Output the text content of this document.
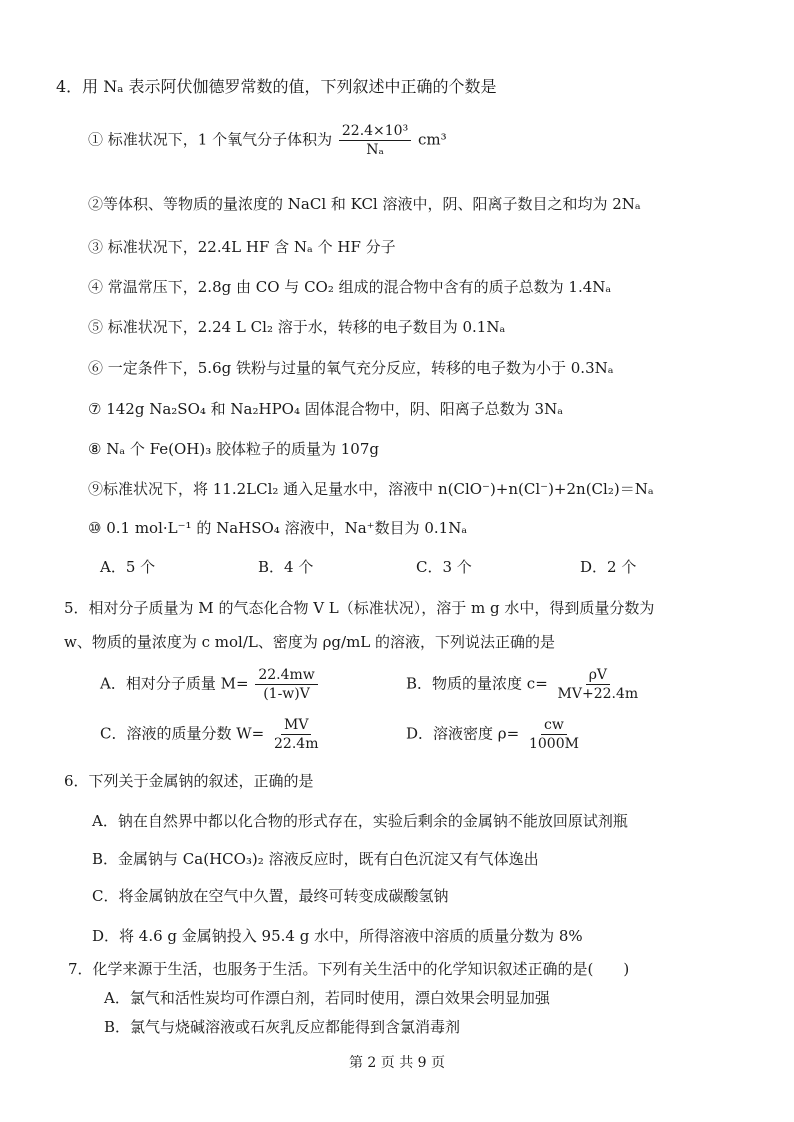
4．用 Nₐ 表示阿伏伽德罗常数的值，下列叙述中正确的个数是
① 标准状况下，1 个氧气分子体积为 $\frac{\text{22.4×10³}}{\text{Nₐ}} cm^3$
②等体积、等物质的量浓度的 NaCl 和 KCl 溶液中，阴、阳离子数目之和均为 2Nₐ
③ 标准状况下，22.4L HF 含 Nₐ 个 HF 分子
④ 常温常压下，2.8g 由 CO 与 CO₂ 组成的混合物中含有的质子总数为 1.4Nₐ
⑤ 标准状况下，2.24 L Cl₂ 溶于水，转移的电子数目为 0.1Nₐ
⑥ 一定条件下，5.6g 铁粉与过量的氧气充分反应，转移的电子数为小于 0.3Nₐ
⑦ 142g Na₂SO₄ 和 Na₂HPO₄ 固体混合物中，阴、阳离子总数为 3Nₐ
⑧ Nₐ 个 Fe(OH)₃ 胶体粒子的质量为 107g
⑨标准状况下，将 11.2LCl₂ 通入足量水中，溶液中 n(ClO⁻)+n(Cl⁻)+2n(Cl₂)＝Nₐ
⑩ 0.1 mol·L⁻¹ 的 NaHSO₄ 溶液中，Na⁺数目为 0.1Nₐ
A．5 个	B．4 个	C．3 个	D．2 个
5．相对分子质量为 M 的气态化合物 V L（标准状况），溶于 m g 水中，得到质量分数为
w、物质的量浓度为 c mol/L、密度为 ρg/mL 的溶液，下列说法正确的是
A．相对分子质量 $M= \frac{22.4mw}{(1-w)V}$	B．物质的量浓度 $c= \frac{\rho V}{MV+22.4m}$
C．溶液的质量分数 $W= \frac{MV}{22.4m}$	D．溶液密度 $\rho= \frac{cw}{1000M}$
6．下列关于金属钠的叙述，正确的是
A．钠在自然界中都以化合物的形式存在，实验后剩余的金属钠不能放回原试剂瓶
B．金属钠与 Ca(HCO₃)₂ 溶液反应时，既有白色沉淀又有气体逸出
C．将金属钠放在空气中久置，最终可转变成碳酸氢钠
D．将 4.6 g 金属钠投入 95.4 g 水中，所得溶液中溶质的质量分数为 8%
7．化学来源于生活，也服务于生活。下列有关生活中的化学知识叙述正确的是(　　)
A．氯气和活性炭均可作漂白剂，若同时使用，漂白效果会明显加强
B．氯气与烧碱溶液或石灰乳反应都能得到含氯消毒剂
第 2 页 共 9 页
